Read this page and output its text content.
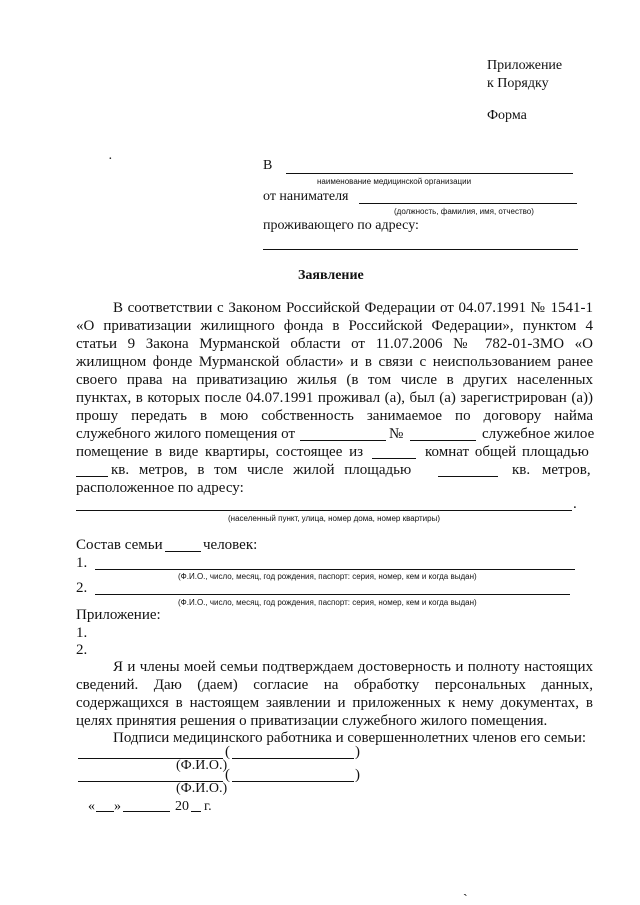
Приложение
к Порядку
Форма
·	В
наименование медицинской организации
от нанимателя
(должность, фамилия, имя, отчество)
проживающего по адресу:
Заявление
В соответствии с Законом Российской Федерации от 04.07.1991 № 1541-1
«О приватизации жилищного фонда в Российской Федерации», пунктом 4
статьи 9 Закона Мурманской области от 11.07.2006 № 782-01-ЗМО «О
жилищном фонде Мурманской области» и в связи с неиспользованием ранее
своего права на приватизацию жилья (в том числе в других населенных
пунктах, в которых после 04.07.1991 проживал (а), был (а) зарегистрирован (а))
прошу передать в мою собственность занимаемое по договору найма
служебного жилого помещения от	№	служебное жилое
помещение в виде квартиры, состоящее из	комнат общей площадью
кв. метров, в том числе жилой площадью	кв. метров,
расположенное по адресу:
.
(населенный пункт, улица, номер дома, номер квартиры)
Состав семьи	человек:
1.
(Ф.И.О., число, месяц, год рождения, паспорт: серия, номер, кем и когда выдан)
2.
(Ф.И.О., число, месяц, год рождения, паспорт: серия, номер, кем и когда выдан)
Приложение:
1.
2.
Я и члены моей семьи подтверждаем достоверность и полноту настоящих
сведений. Даю (даем) согласие на обработку персональных данных,
содержащихся в настоящем заявлении и приложенных к нему документах, в
целях принятия решения о приватизации служебного жилого помещения.
Подписи медицинского работника и совершеннолетних членов его семьи:
(	)
(Ф.И.О.)
(	)
(Ф.И.О.)
« »	20 г.
ˏ
